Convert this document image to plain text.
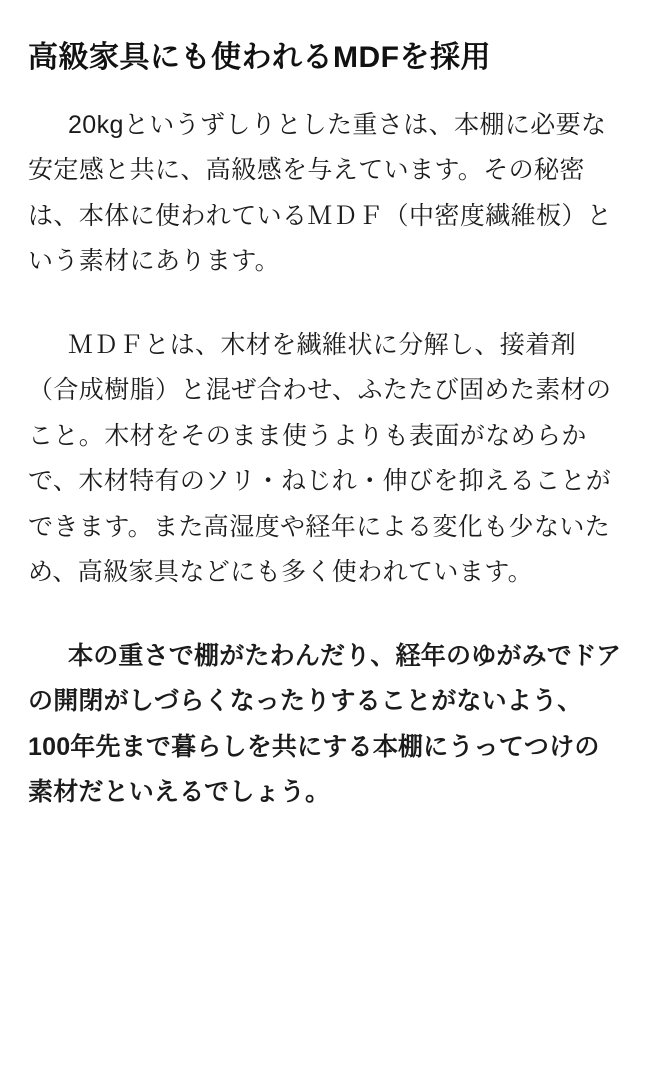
高級家具にも使われるMDFを採用

20kgというずしりとした重さは、本棚に必要な安定感と共に、高級感を与えています。その秘密は、本体に使われているＭＤＦ（中密度繊維板）という素材にあります。

ＭＤＦとは、木材を繊維状に分解し、接着剤（合成樹脂）と混ぜ合わせ、ふたたび固めた素材のこと。木材をそのまま使うよりも表面がなめらかで、木材特有のソリ・ねじれ・伸びを抑えることができます。また高湿度や経年による変化も少ないため、高級家具などにも多く使われています。

本の重さで棚がたわんだり、経年のゆがみでドアの開閉がしづらくなったりすることがないよう、100年先まで暮らしを共にする本棚にうってつけの素材だといえるでしょう。
